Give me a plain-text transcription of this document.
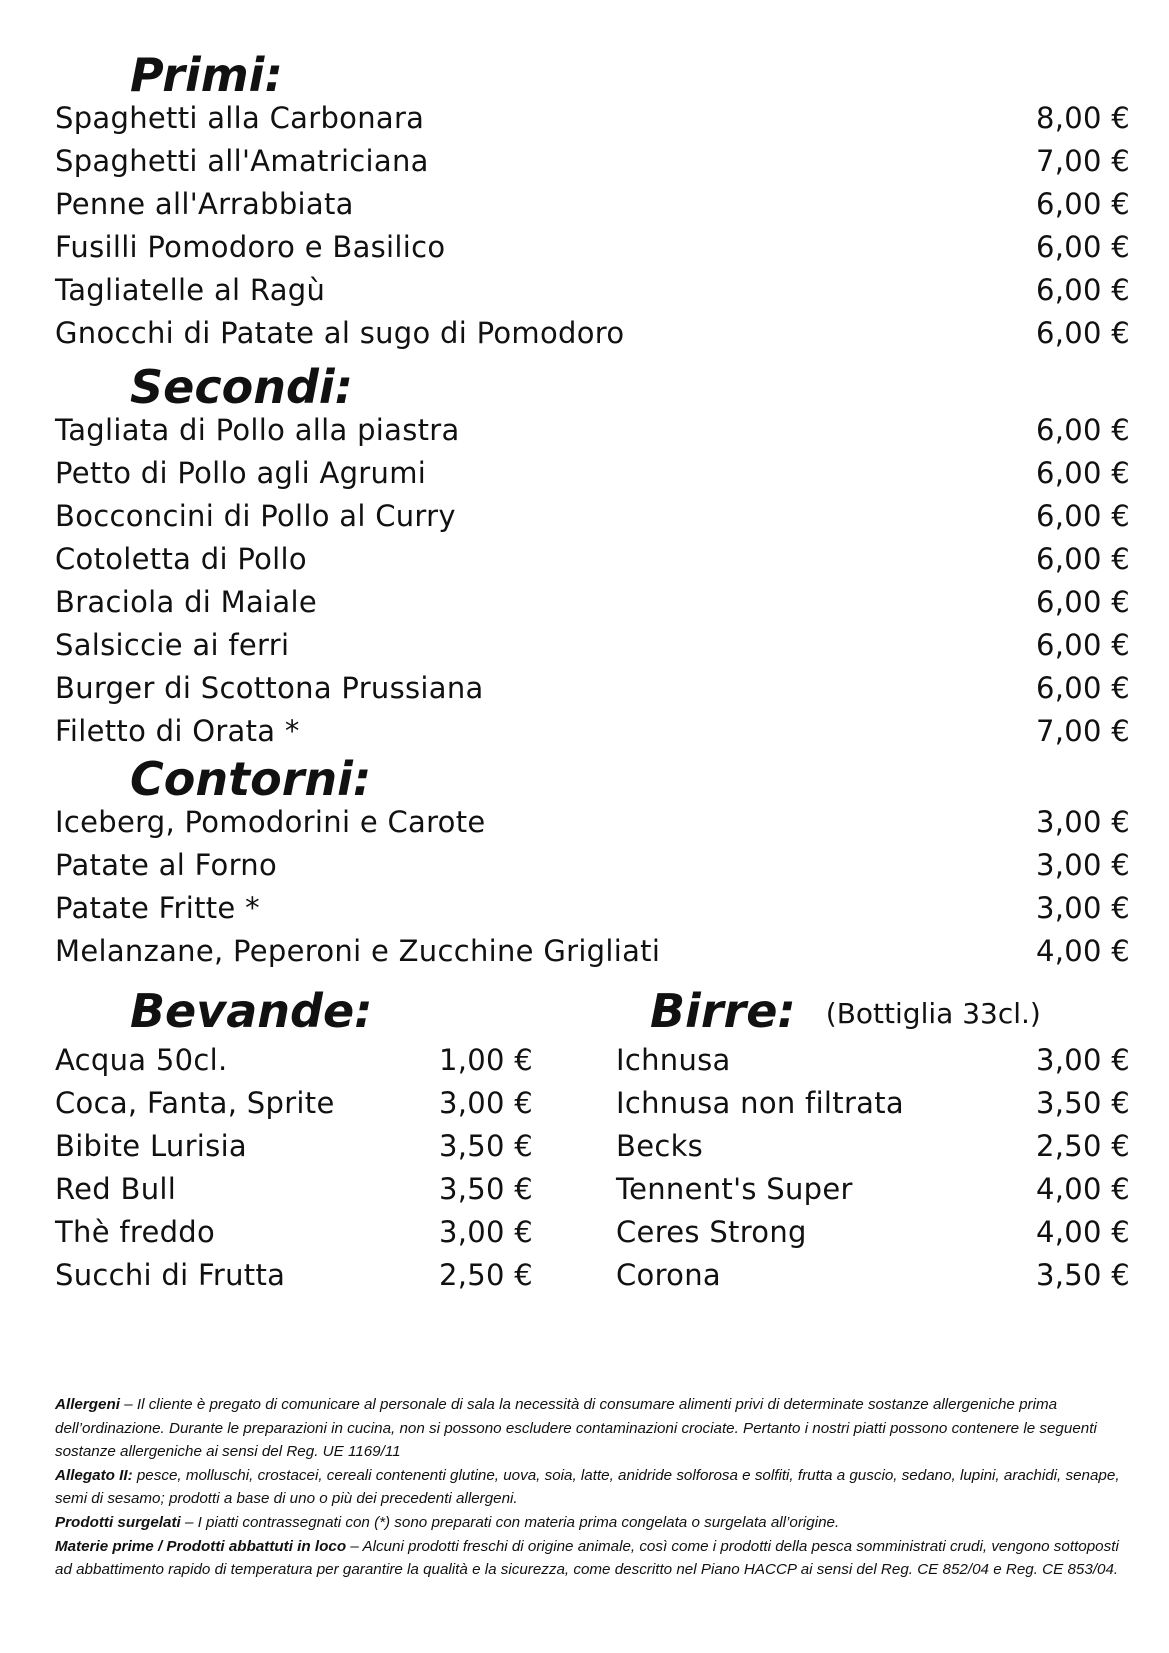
Primi:
Spaghetti alla Carbonara	8,00 €
Spaghetti all'Amatriciana	7,00 €
Penne all'Arrabbiata	6,00 €
Fusilli Pomodoro e Basilico	6,00 €
Tagliatelle al Ragù	6,00 €
Gnocchi di Patate al sugo di Pomodoro	6,00 €
Secondi:
Tagliata di Pollo alla piastra	6,00 €
Petto di Pollo agli Agrumi	6,00 €
Bocconcini di Pollo al Curry	6,00 €
Cotoletta di Pollo	6,00 €
Braciola di Maiale	6,00 €
Salsiccie ai ferri	6,00 €
Burger di Scottona Prussiana	6,00 €
Filetto di Orata *	7,00 €
Contorni:
Iceberg, Pomodorini e Carote	3,00 €
Patate al Forno	3,00 €
Patate Fritte *	3,00 €
Melanzane, Peperoni e Zucchine Grigliati	4,00 €
Bevande:
Acqua 50cl.	1,00 €
Coca, Fanta, Sprite	3,00 €
Bibite Lurisia	3,50 €
Red Bull	3,50 €
Thè freddo	3,00 €
Succhi di Frutta	2,50 €
Birre: (Bottiglia 33cl.)
Ichnusa	3,00 €
Ichnusa non filtrata	3,50 €
Becks	2,50 €
Tennent's Super	4,00 €
Ceres Strong	4,00 €
Corona	3,50 €

Allergeni – Il cliente è pregato di comunicare al personale di sala la necessità di consumare alimenti privi di determinate sostanze allergeniche prima dell’ordinazione. Durante le preparazioni in cucina, non si possono escludere contaminazioni crociate. Pertanto i nostri piatti possono contenere le seguenti sostanze allergeniche ai sensi del Reg. UE 1169/11

Allegato II: pesce, molluschi, crostacei, cereali contenenti glutine, uova, soia, latte, anidride solforosa e solfiti, frutta a guscio, sedano, lupini, arachidi, senape, semi di sesamo; prodotti a base di uno o più dei precedenti allergeni.

Prodotti surgelati – I piatti contrassegnati con (*) sono preparati con materia prima congelata o surgelata all’origine.

Materie prime / Prodotti abbattuti in loco – Alcuni prodotti freschi di origine animale, così come i prodotti della pesca somministrati crudi, vengono sottoposti ad abbattimento rapido di temperatura per garantire la qualità e la sicurezza, come descritto nel Piano HACCP ai sensi del Reg. CE 852/04 e Reg. CE 853/04.
